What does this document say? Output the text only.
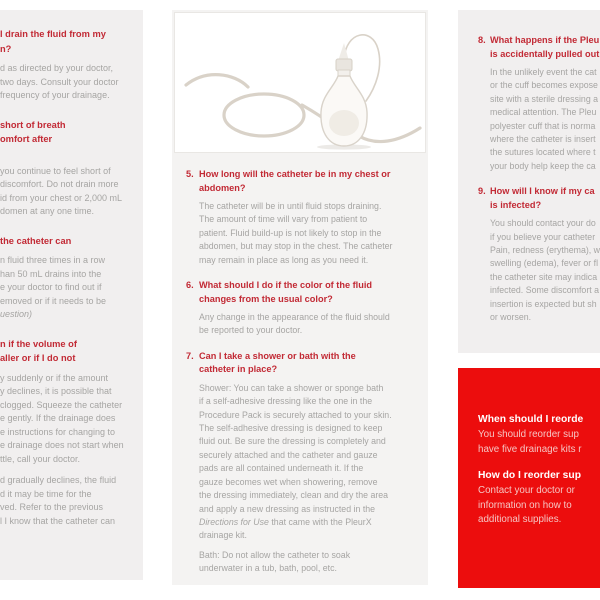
l drain the fluid from my
n?
d as directed by your doctor,
two days. Consult your doctor
frequency of your drainage.
short of breath
omfort after
you continue to feel short of
discomfort. Do not drain more
id from your chest or 2,000 mL
domen at any one time.
the catheter can
n fluid three times in a row
han 50 mL drains into the
e your doctor to find out if
emoved or if it needs to be
uestion)
n if the volume of
aller or if I do not
y suddenly or if the amount
y declines, it is possible that
clogged. Squeeze the catheter
e gently. If the drainage does
e instructions for changing to
e drainage does not start when
ttle, call your doctor.
d gradually declines, the fluid
d it may be time for the
ved. Refer to the previous
l I know that the catheter can
5. How long will the catheter be in my chest or
abdomen?
The catheter will be in until fluid stops draining.
The amount of time will vary from patient to
patient. Fluid build-up is not likely to stop in the
abdomen, but may stop in the chest. The catheter
may remain in place as long as you need it.
6. What should I do if the color of the fluid
changes from the usual color?
Any change in the appearance of the fluid should
be reported to your doctor.
7. Can I take a shower or bath with the
catheter in place?
Shower: You can take a shower or sponge bath
if a self-adhesive dressing like the one in the
Procedure Pack is securely attached to your skin.
The self-adhesive dressing is designed to keep
fluid out. Be sure the dressing is completely and
securely attached and the catheter and gauze
pads are all contained underneath it. If the
gauze becomes wet when showering, remove
the dressing immediately, clean and dry the area
and apply a new dressing as instructed in the
Directions for Use that came with the PleurX
drainage kit.
Bath: Do not allow the catheter to soak
underwater in a tub, bath, pool, etc.
8. What happens if the Pleu
is accidentally pulled out
In the unlikely event the cat
or the cuff becomes expose
site with a sterile dressing a
medical attention. The Pleu
polyester cuff that is norma
where the catheter is insert
the sutures located where t
your body help keep the ca
9. How will I know if my ca
is infected?
You should contact your do
if you believe your catheter
Pain, redness (erythema), w
swelling (edema), fever or fl
the catheter site may indica
infected. Some discomfort a
insertion is expected but sh
or worsen.
When should I reorde
You should reorder sup
have five drainage kits r
How do I reorder sup
Contact your doctor or
information on how to
additional supplies.
